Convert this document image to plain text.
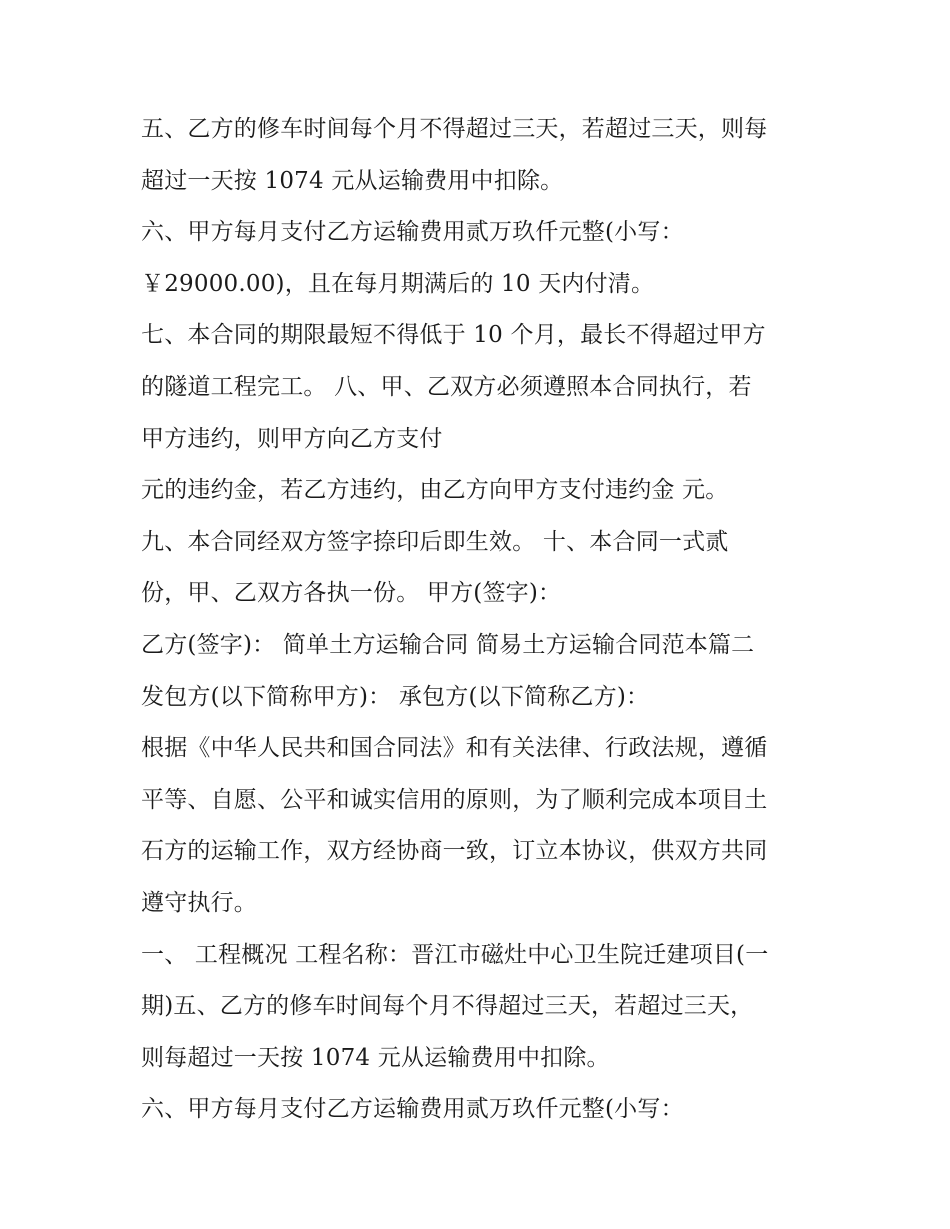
五、乙方的修车时间每个月不得超过三天，若超过三天，则每
超过一天按 1074 元从运输费用中扣除。
六、甲方每月支付乙方运输费用贰万玖仟元整(小写：
￥29000.00)，且在每月期满后的 10 天内付清。
七、本合同的期限最短不得低于 10 个月，最长不得超过甲方
的隧道工程完工。 八、甲、乙双方必须遵照本合同执行，若
甲方违约，则甲方向乙方支付
元的违约金，若乙方违约，由乙方向甲方支付违约金 元。
九、本合同经双方签字捺印后即生效。 十、本合同一式贰
份，甲、乙双方各执一份。 甲方(签字)：
乙方(签字)： 简单土方运输合同 简易土方运输合同范本篇二
发包方(以下简称甲方)： 承包方(以下简称乙方)：
根据《中华人民共和国合同法》和有关法律、行政法规，遵循
平等、自愿、公平和诚实信用的原则，为了顺利完成本项目土
石方的运输工作，双方经协商一致，订立本协议，供双方共同
遵守执行。
一、 工程概况 工程名称：晋江市磁灶中心卫生院迁建项目(一
期)五、乙方的修车时间每个月不得超过三天，若超过三天，
则每超过一天按 1074 元从运输费用中扣除。
六、甲方每月支付乙方运输费用贰万玖仟元整(小写：
